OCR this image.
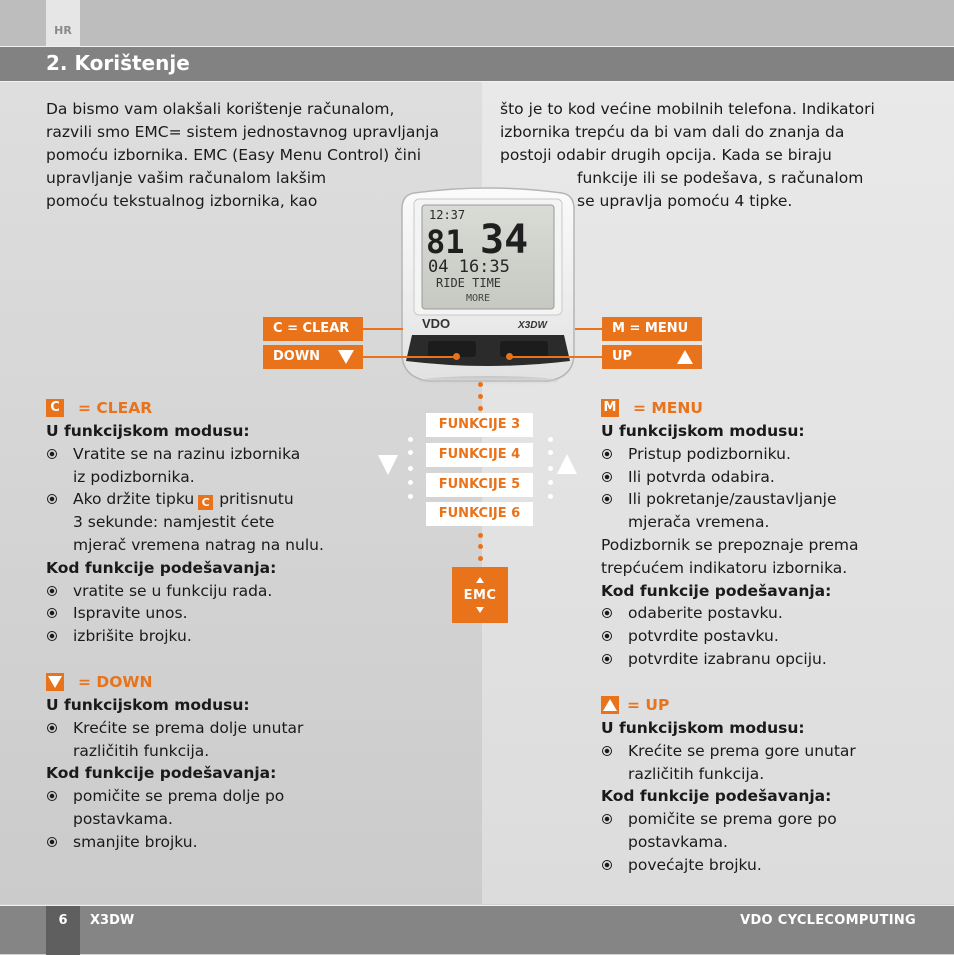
HR
2. Korištenje

Da bismo vam olakšali korištenje računalom,
razvili smo EMC= sistem jednostavnog upravljanja
pomoću izbornika. EMC (Easy Menu Control) čini
upravljanje vašim računalom lakšim
pomoću tekstualnog izbornika, kao

što je to kod većine mobilnih telefona. Indikatori
izbornika trepću da bi vam dali do znanja da
postoji odabir drugih opcija. Kada se biraju

funkcije ili se podešava, s računalom
se upravlja pomoću 4 tipke.

12:37
81 34
04 16:35
RIDE TIME
MORE
VDO	X3DW
C = CLEAR
DOWN
M = MENU
UP
FUNKCIJE 3
FUNKCIJE 4
FUNKCIJE 5
FUNKCIJE 6
EMC
C = CLEAR
U funkcijskom modusu:
Vratite se na razinu izbornika
iz podizbornika.
Ako držite tipku C pritisnutu
3 sekunde: namjestit ćete
mjerač vremena natrag na nulu.
Kod funkcije podešavanja:
vratite se u funkciju rada.
Ispravite unos.
izbrišite brojku.
= DOWN
U funkcijskom modusu:
Krećite se prema dolje unutar
različitih funkcija.
Kod funkcije podešavanja:
pomičite se prema dolje po
postavkama.
smanjite brojku.
M = MENU
U funkcijskom modusu:
Pristup podizborniku.
Ili potvrda odabira.
Ili pokretanje/zaustavljanje
mjerača vremena.
Podizbornik se prepoznaje prema
trepćućem indikatoru izbornika.
Kod funkcije podešavanja:
odaberite postavku.
potvrdite postavku.
potvrdite izabranu opciju.
= UP
U funkcijskom modusu:
Krećite se prema gore unutar
različitih funkcija.
Kod funkcije podešavanja:
pomičite se prema gore po
postavkama.
povećajte brojku.
6	X3DW	VDO CYCLECOMPUTING
